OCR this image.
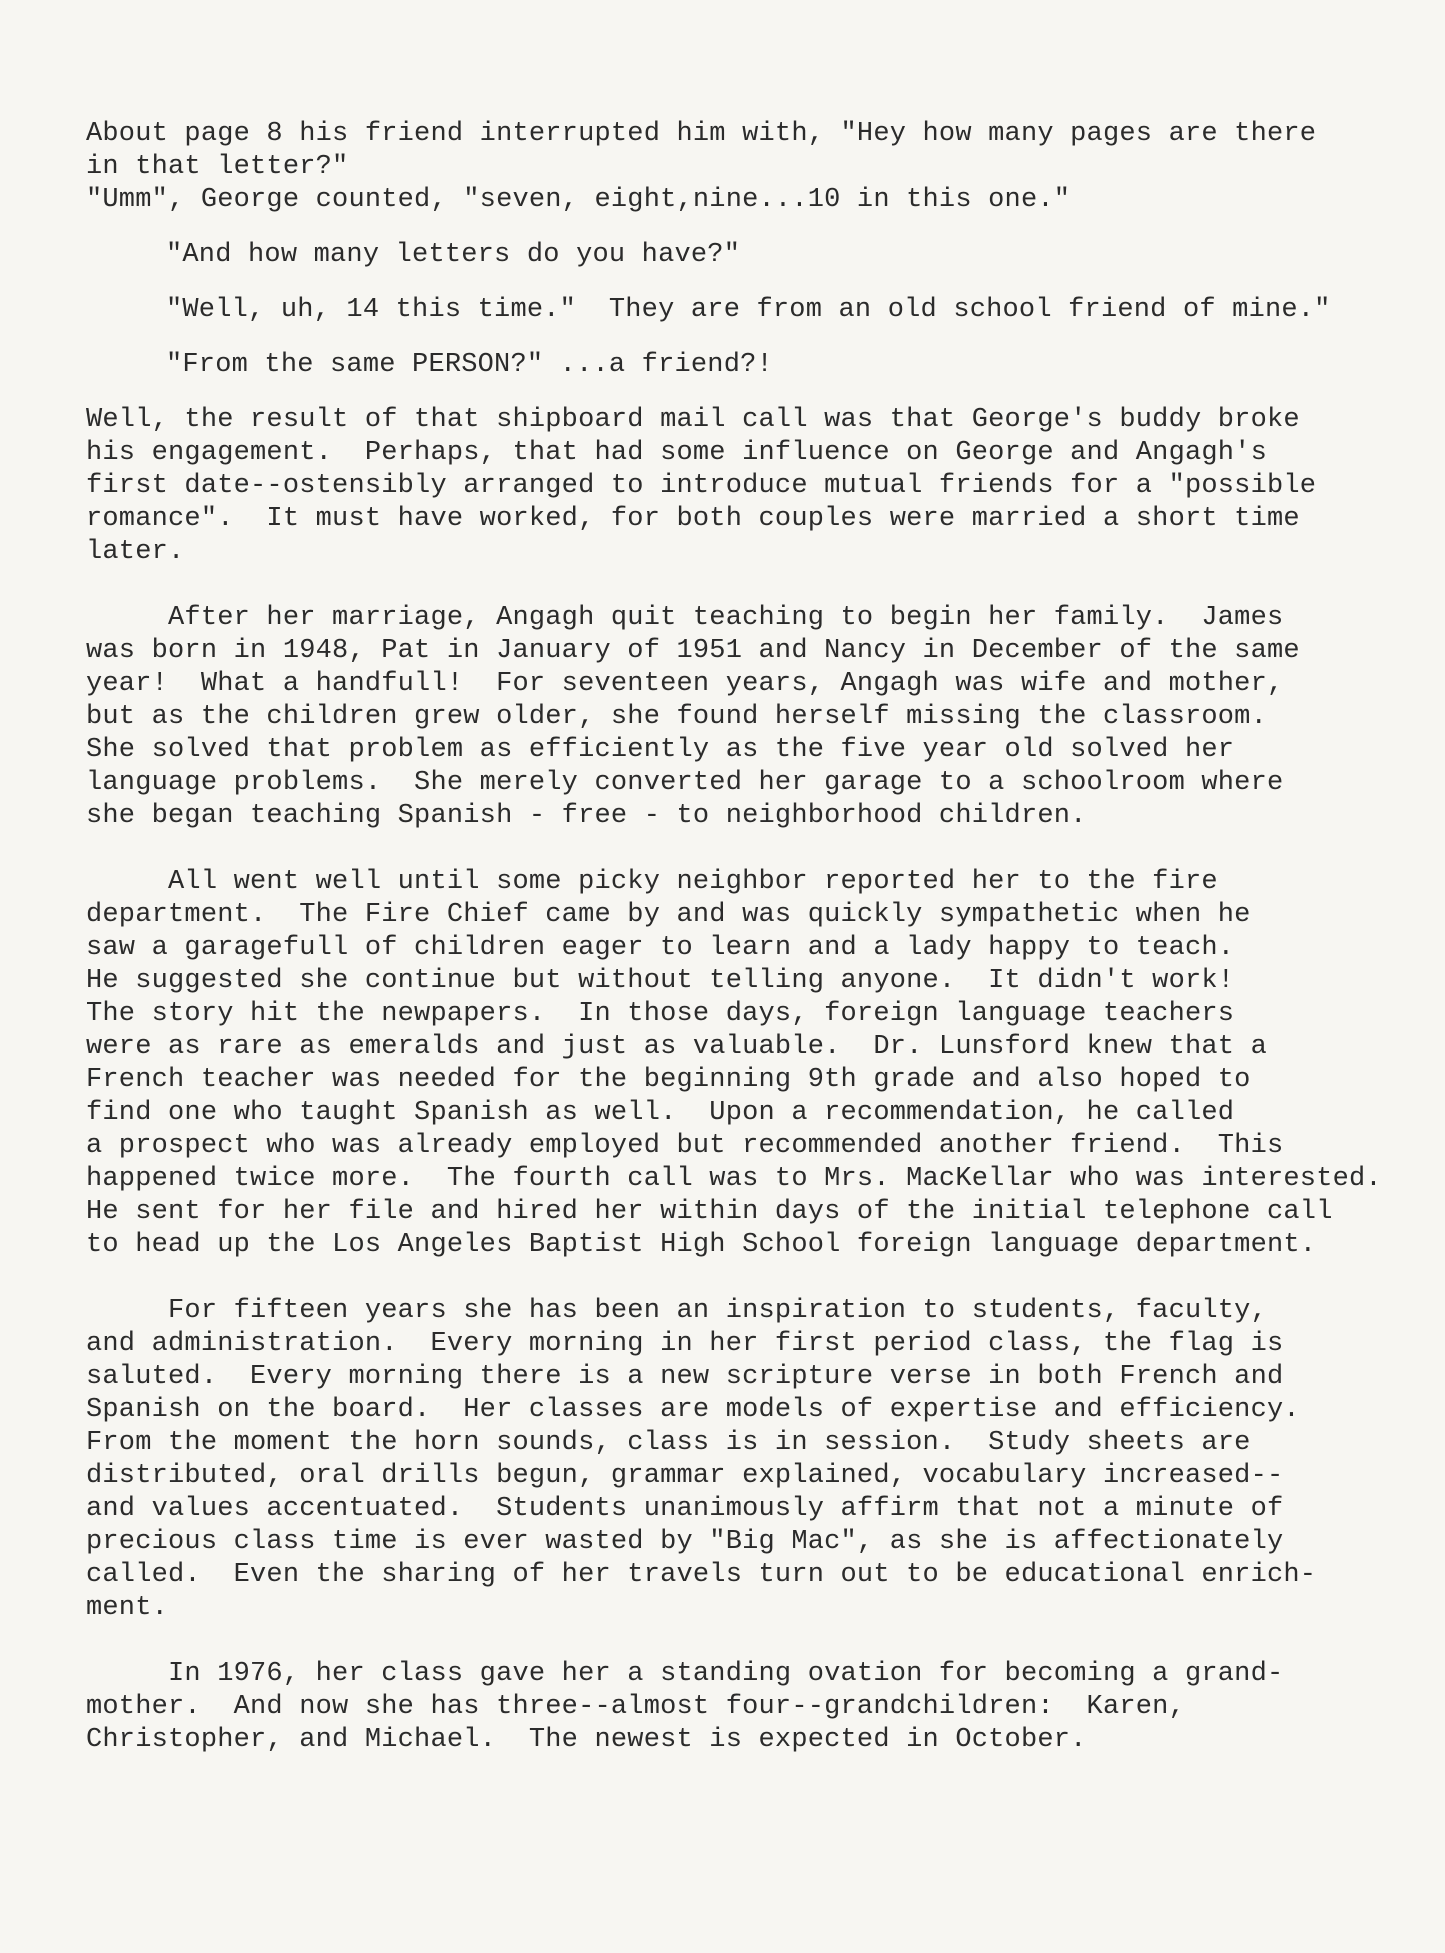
About page 8 his friend interrupted him with, "Hey how many pages are there
in that letter?"
"Umm", George counted, "seven, eight,nine...10 in this one."
"And how many letters do you have?"
"Well, uh, 14 this time."  They are from an old school friend of mine."
"From the same PERSON?" ...a friend?!
Well, the result of that shipboard mail call was that George's buddy broke
his engagement.  Perhaps, that had some influence on George and Angagh's
first date--ostensibly arranged to introduce mutual friends for a "possible
romance".  It must have worked, for both couples were married a short time
later.
After her marriage, Angagh quit teaching to begin her family.  James
was born in 1948, Pat in January of 1951 and Nancy in December of the same
year!  What a handfull!  For seventeen years, Angagh was wife and mother,
but as the children grew older, she found herself missing the classroom.
She solved that problem as efficiently as the five year old solved her
language problems.  She merely converted her garage to a schoolroom where
she began teaching Spanish - free - to neighborhood children.
All went well until some picky neighbor reported her to the fire
department.  The Fire Chief came by and was quickly sympathetic when he
saw a garagefull of children eager to learn and a lady happy to teach.
He suggested she continue but without telling anyone.  It didn't work!
The story hit the newpapers.  In those days, foreign language teachers
were as rare as emeralds and just as valuable.  Dr. Lunsford knew that a
French teacher was needed for the beginning 9th grade and also hoped to
find one who taught Spanish as well.  Upon a recommendation, he called
a prospect who was already employed but recommended another friend.  This
happened twice more.  The fourth call was to Mrs. MacKellar who was interested.
He sent for her file and hired her within days of the initial telephone call
to head up the Los Angeles Baptist High School foreign language department.
For fifteen years she has been an inspiration to students, faculty,
and administration.  Every morning in her first period class, the flag is
saluted.  Every morning there is a new scripture verse in both French and
Spanish on the board.  Her classes are models of expertise and efficiency.
From the moment the horn sounds, class is in session.  Study sheets are
distributed, oral drills begun, grammar explained, vocabulary increased--
and values accentuated.  Students unanimously affirm that not a minute of
precious class time is ever wasted by "Big Mac", as she is affectionately
called.  Even the sharing of her travels turn out to be educational enrich-
ment.
In 1976, her class gave her a standing ovation for becoming a grand-
mother.  And now she has three--almost four--grandchildren:  Karen,
Christopher, and Michael.  The newest is expected in October.
